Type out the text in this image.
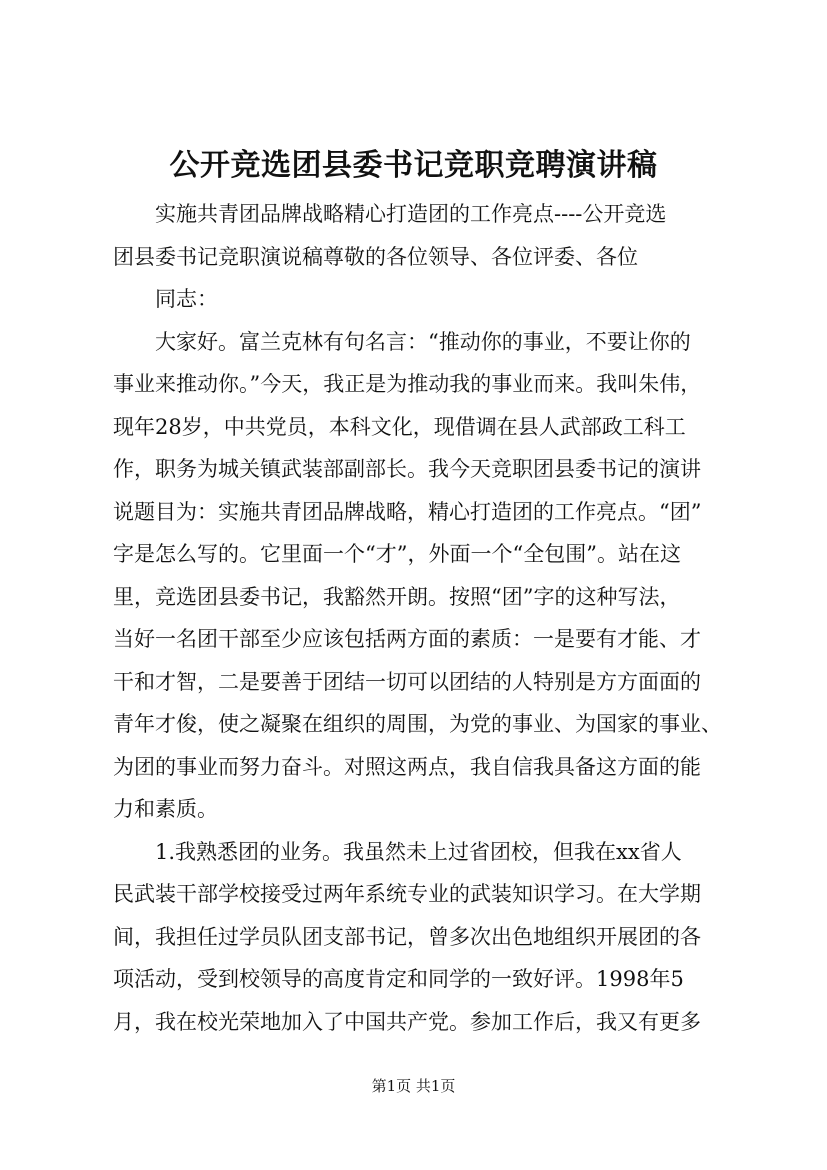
公开竞选团县委书记竞职竞聘演讲稿
实施共青团品牌战略精心打造团的工作亮点----公开竞选
团县委书记竞职演说稿尊敬的各位领导、各位评委、各位
同志：
大家好。富兰克林有句名言：“推动你的事业，不要让你的
事业来推动你。”今天，我正是为推动我的事业而来。我叫朱伟，
现年28岁，中共党员，本科文化，现借调在县人武部政工科工
作，职务为城关镇武装部副部长。我今天竞职团县委书记的演讲
说题目为：实施共青团品牌战略，精心打造团的工作亮点。“团”
字是怎么写的。它里面一个“才”，外面一个“全包围”。站在这
里，竞选团县委书记，我豁然开朗。按照“团”字的这种写法，
当好一名团干部至少应该包括两方面的素质：一是要有才能、才
干和才智，二是要善于团结一切可以团结的人特别是方方面面的
青年才俊，使之凝聚在组织的周围，为党的事业、为国家的事业、
为团的事业而努力奋斗。对照这两点，我自信我具备这方面的能
力和素质。
1.我熟悉团的业务。我虽然未上过省团校，但我在xx省人
民武装干部学校接受过两年系统专业的武装知识学习。在大学期
间，我担任过学员队团支部书记，曾多次出色地组织开展团的各
项活动，受到校领导的高度肯定和同学的一致好评。1998年5
月，我在校光荣地加入了中国共产党。参加工作后，我又有更多
第1页 共1页
